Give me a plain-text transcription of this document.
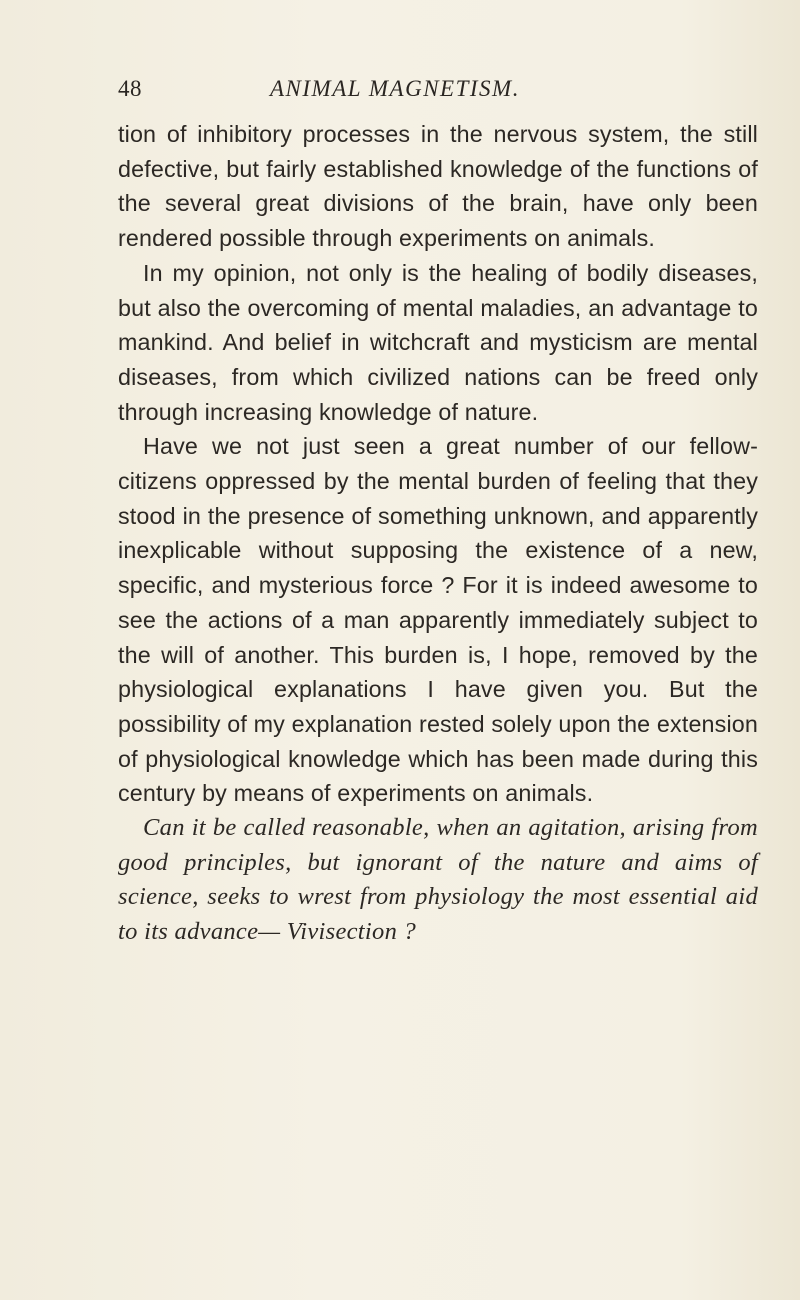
48	ANIMAL MAGNETISM.

tion of inhibitory processes in the nervous system, the still defective, but fairly established knowledge of the functions of the several great divisions of the brain, have only been rendered possible through experiments on animals.

In my opinion, not only is the healing of bodily diseases, but also the overcoming of mental maladies, an advantage to mankind. And belief in witchcraft and mysticism are mental diseases, from which civilized nations can be freed only through increasing knowledge of nature.

Have we not just seen a great number of our fellow-citizens oppressed by the mental burden of feeling that they stood in the presence of something unknown, and apparently inexplicable without supposing the existence of a new, specific, and mysterious force ? For it is indeed awesome to see the actions of a man apparently immediately subject to the will of another. This burden is, I hope, removed by the physiological explanations I have given you. But the possibility of my explanation rested solely upon the extension of physiological knowledge which has been made during this century by means of experiments on animals.

Can it be called reasonable, when an agitation, arising from good principles, but ignorant of the nature and aims of science, seeks to wrest from physiology the most essential aid to its advance— Vivisection ?
